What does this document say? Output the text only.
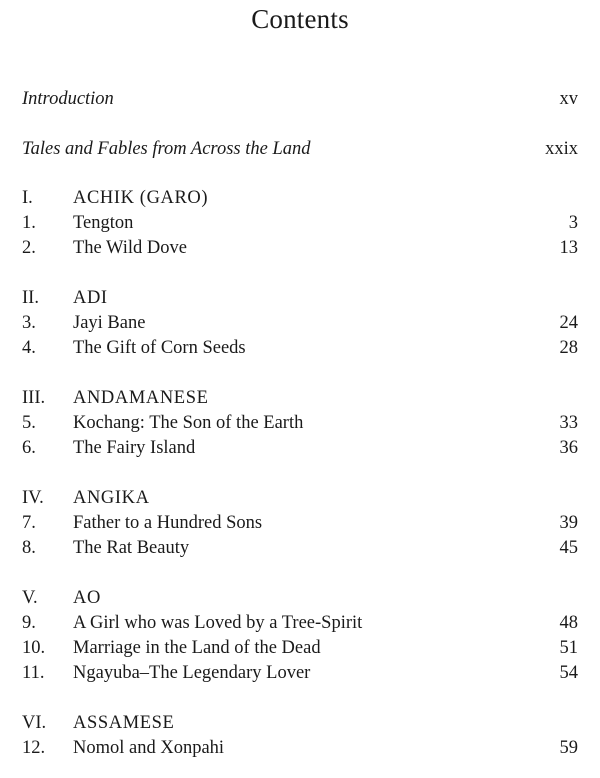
Contents
Introduction	xv
Tales and Fables from Across the Land	xxix
I. ACHIK (GARO)
1. Tengton	3
2. The Wild Dove	13
II. ADI
3. Jayi Bane	24
4. The Gift of Corn Seeds	28
III. ANDAMANESE
5. Kochang: The Son of the Earth	33
6. The Fairy Island	36
IV. ANGIKA
7. Father to a Hundred Sons	39
8. The Rat Beauty	45
V. AO
9. A Girl who was Loved by a Tree-Spirit	48
10. Marriage in the Land of the Dead	51
11. Ngayuba–The Legendary Lover	54
VI. ASSAMESE
12. Nomol and Xonpahi	59
